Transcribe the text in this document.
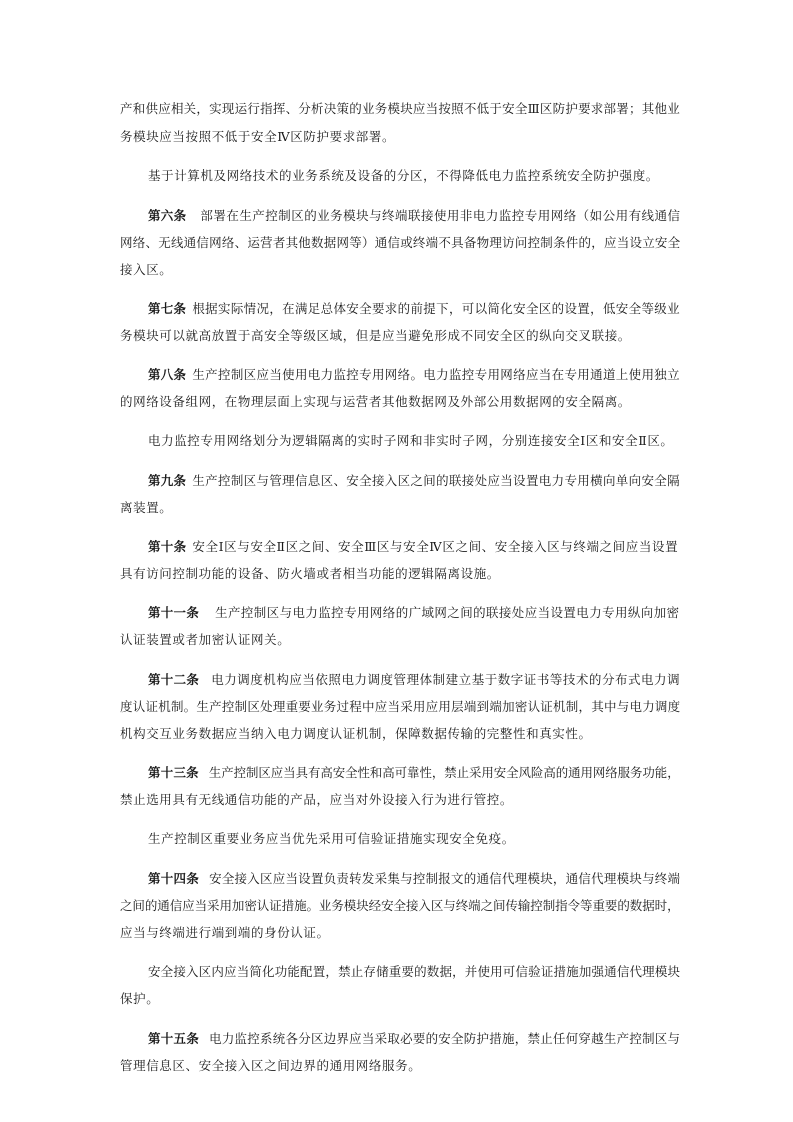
产和供应相关，实现运行指挥、分析决策的业务模块应当按照不低于安全Ⅲ区防护要求部署；其他业
务模块应当按照不低于安全Ⅳ区防护要求部署。
基于计算机及网络技术的业务系统及设备的分区，不得降低电力监控系统安全防护强度。
第六条 部署在生产控制区的业务模块与终端联接使用非电力监控专用网络（如公用有线通信
网络、无线通信网络、运营者其他数据网等）通信或终端不具备物理访问控制条件的，应当设立安全
接入区。
第七条 根据实际情况，在满足总体安全要求的前提下，可以简化安全区的设置，低安全等级业
务模块可以就高放置于高安全等级区域，但是应当避免形成不同安全区的纵向交叉联接。
第八条 生产控制区应当使用电力监控专用网络。电力监控专用网络应当在专用通道上使用独立
的网络设备组网，在物理层面上实现与运营者其他数据网及外部公用数据网的安全隔离。
电力监控专用网络划分为逻辑隔离的实时子网和非实时子网，分别连接安全Ⅰ区和安全Ⅱ区。
第九条 生产控制区与管理信息区、安全接入区之间的联接处应当设置电力专用横向单向安全隔
离装置。
第十条 安全Ⅰ区与安全Ⅱ区之间、安全Ⅲ区与安全Ⅳ区之间、安全接入区与终端之间应当设置
具有访问控制功能的设备、防火墙或者相当功能的逻辑隔离设施。
第十一条 生产控制区与电力监控专用网络的广域网之间的联接处应当设置电力专用纵向加密
认证装置或者加密认证网关。
第十二条 电力调度机构应当依照电力调度管理体制建立基于数字证书等技术的分布式电力调
度认证机制。生产控制区处理重要业务过程中应当采用应用层端到端加密认证机制，其中与电力调度
机构交互业务数据应当纳入电力调度认证机制，保障数据传输的完整性和真实性。
第十三条 生产控制区应当具有高安全性和高可靠性，禁止采用安全风险高的通用网络服务功能，
禁止选用具有无线通信功能的产品，应当对外设接入行为进行管控。
生产控制区重要业务应当优先采用可信验证措施实现安全免疫。
第十四条 安全接入区应当设置负责转发采集与控制报文的通信代理模块，通信代理模块与终端
之间的通信应当采用加密认证措施。业务模块经安全接入区与终端之间传输控制指令等重要的数据时，
应当与终端进行端到端的身份认证。
安全接入区内应当简化功能配置，禁止存储重要的数据，并使用可信验证措施加强通信代理模块
保护。
第十五条 电力监控系统各分区边界应当采取必要的安全防护措施，禁止任何穿越生产控制区与
管理信息区、安全接入区之间边界的通用网络服务。
